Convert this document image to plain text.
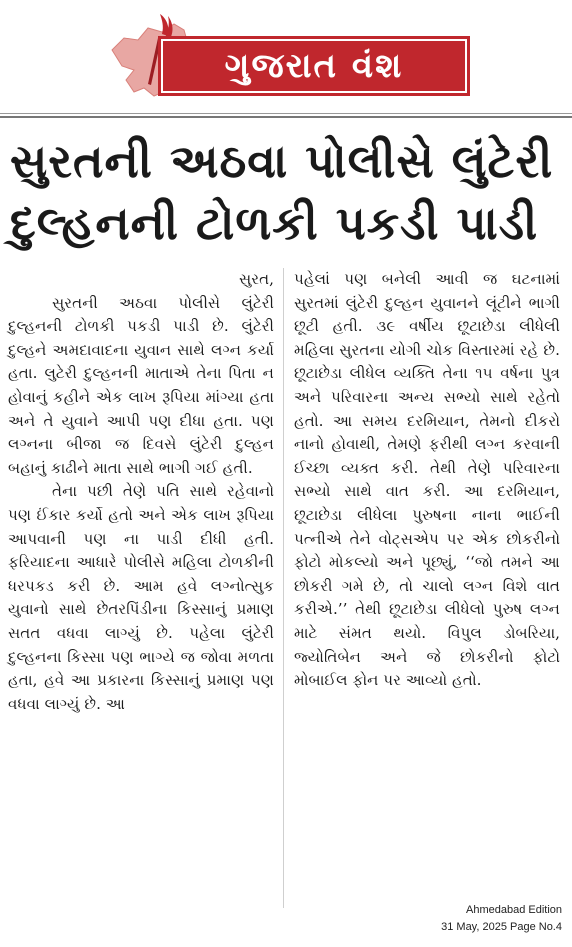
ગુજરાત વંશ
સુરતની અઠવા પોલીસે લુંટેરી દુલ્હનની ટોળકી પકડી પાડી

સુરત,

સુરતની અઠવા પોલીસે લુંટેરી દુલ્હનની ટોળકી પકડી પાડી છે. લુંટેરી દુલ્હને અમદાવાદના યુવાન સાથે લગ્ન કર્યા હતા. લુટેરી દુલ્હનની માતાએ તેના પિતા ન હોવાનું કહીને એક લાખ રૂપિયા માંગ્યા હતા અને તે યુવાને આપી પણ દીધા હતા. પણ લગ્નના બીજા જ દિવસે લુંટેરી દુલ્હન બહાનું કાઢીને માતા સાથે ભાગી ગઈ હતી.

તેના પછી તેણે પતિ સાથે રહેવાનો પણ ઈંકાર કર્યો હતો અને એક લાખ રૂપિયા આપવાની પણ ના પાડી દીધી હતી. ફરિયાદના આધારે પોલીસે મહિલા ટોળકીની ધરપકડ કરી છે. આમ હવે લગ્નોત્સુક યુવાનો સાથે છેતરપિંડીના કિસ્સાનું પ્રમાણ સતત વધવા લાગ્યું છે. પહેલા લુંટેરી દુલ્હનના કિસ્સા પણ ભાગ્યે જ જોવા મળતા હતા, હવે આ પ્રકારના કિસ્સાનું પ્રમાણ પણ વધવા લાગ્યું છે. આ

પહેલાં પણ બનેલી આવી જ ઘટનામાં સુરતમાં લુંટેરી દુલ્હન યુવાનને લૂંટીને ભાગી છૂટી હતી. ૩૯ વર્ષીય છૂટાછેડા લીધેલી મહિલા સુરતના યોગી ચોક વિસ્તારમાં રહે છે. છૂટાછેડા લીધેલ વ્યક્તિ તેના ૧૫ વર્ષના પુત્ર અને પરિવારના અન્ય સભ્યો સાથે રહેતો હતો. આ સમય દરમિયાન, તેમનો દીકરો નાનો હોવાથી, તેમણે ફરીથી લગ્ન કરવાની ઈચ્છા વ્યક્ત કરી. તેથી તેણે પરિવારના સભ્યો સાથે વાત કરી. આ દરમિયાન, છૂટાછેડા લીધેલા પુરુષના નાના ભાઈની પત્નીએ તેને વોટ્સએપ પર એક છોકરીનો ફોટો મોકલ્યો અને પૂછ્યું, ‘‘જો તમને આ છોકરી ગમે છે, તો ચાલો લગ્ન વિશે વાત કરીએ.’’ તેથી છૂટાછેડા લીધેલો પુરુષ લગ્ન માટે સંમત થયો. વિપુલ ડોબરિયા, જ્યોતિબેન અને જે છોકરીનો ફોટો મોબાઈલ ફોન પર આવ્યો હતો.

Ahmedabad Edition
31 May, 2025 Page No.4
